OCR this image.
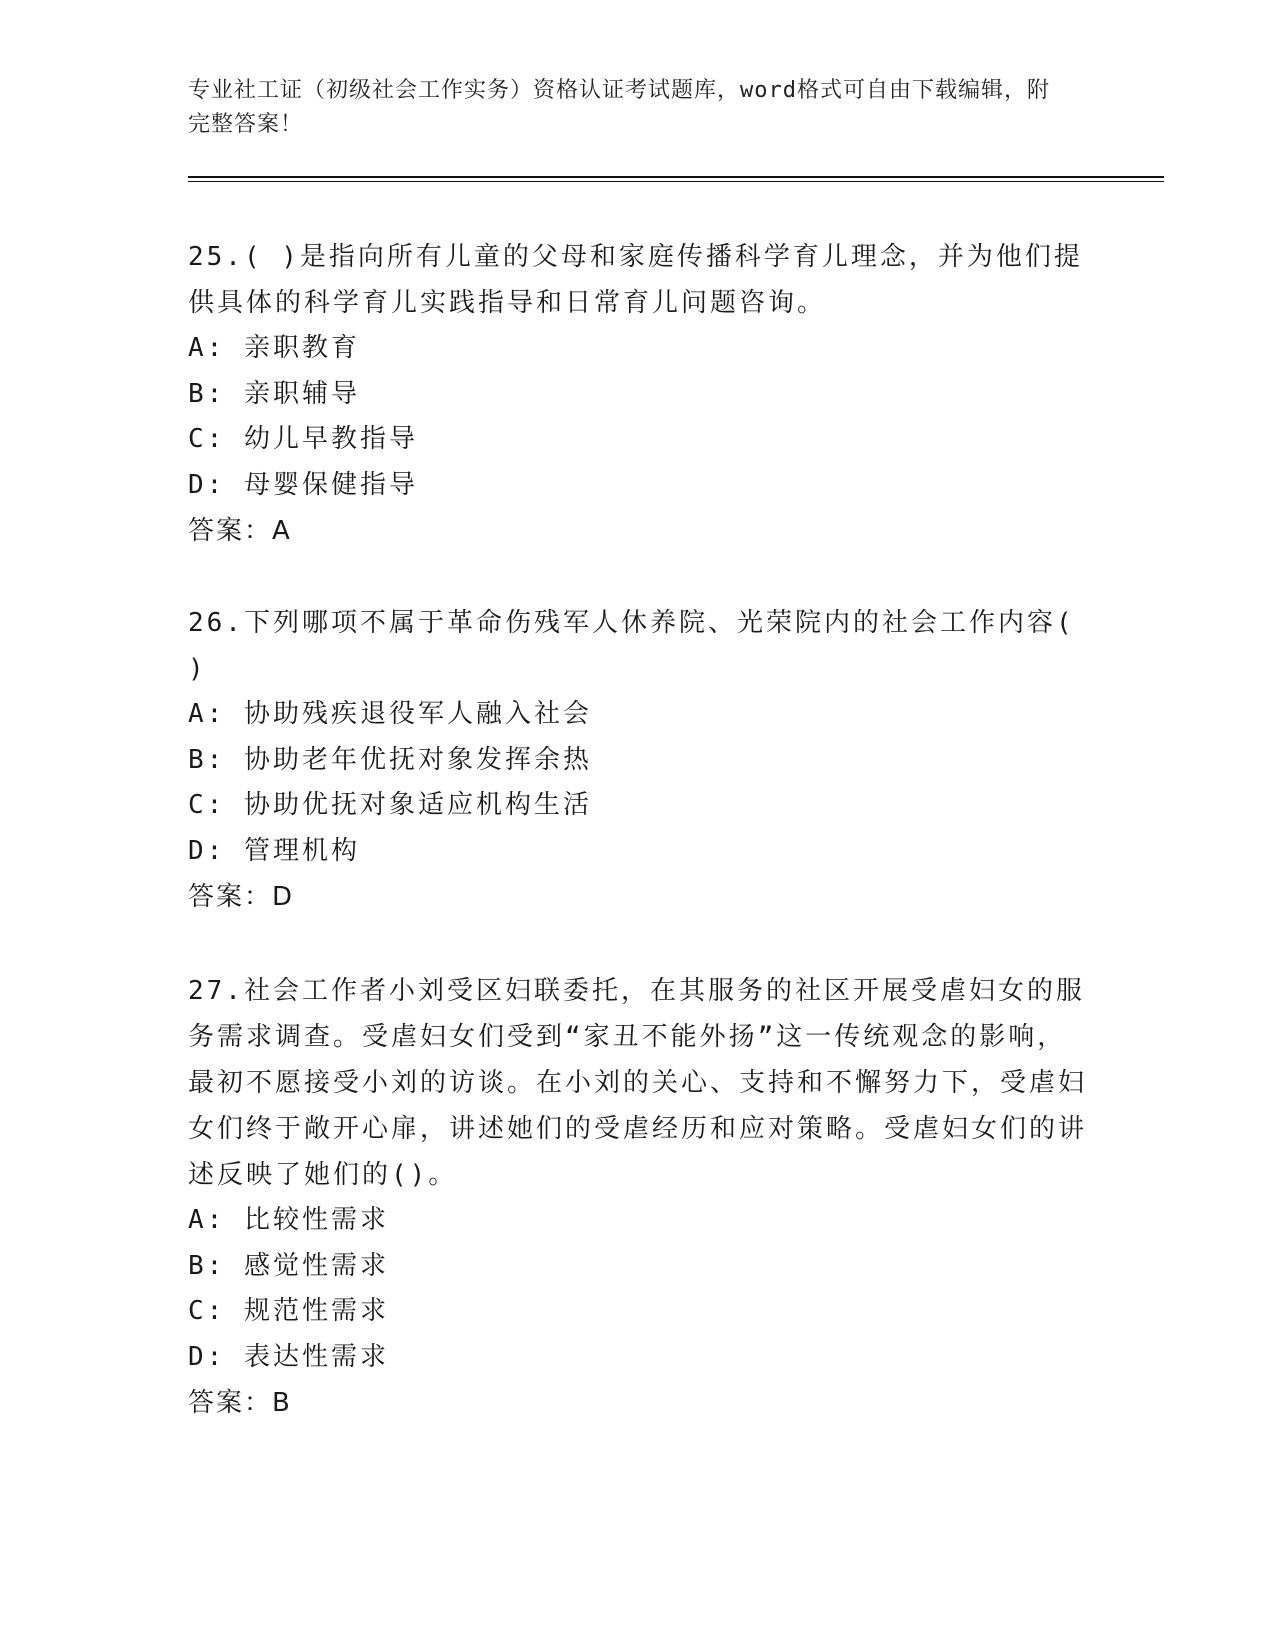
专业社工证（初级社会工作实务）资格认证考试题库，word格式可自由下载编辑，附完整答案！

25.( )是指向所有儿童的父母和家庭传播科学育儿理念，并为他们提供具体的科学育儿实践指导和日常育儿问题咨询。

A: 亲职教育

B: 亲职辅导

C: 幼儿早教指导

D: 母婴保健指导

答案：A

26.下列哪项不属于革命伤残军人休养院、光荣院内的社会工作内容( )

A: 协助残疾退役军人融入社会

B: 协助老年优抚对象发挥余热

C: 协助优抚对象适应机构生活

D: 管理机构

答案：D

27.社会工作者小刘受区妇联委托，在其服务的社区开展受虐妇女的服务需求调查。受虐妇女们受到“家丑不能外扬”这一传统观念的影响，最初不愿接受小刘的访谈。在小刘的关心、支持和不懈努力下，受虐妇女们终于敞开心扉，讲述她们的受虐经历和应对策略。受虐妇女们的讲述反映了她们的()。

A: 比较性需求

B: 感觉性需求

C: 规范性需求

D: 表达性需求

答案：B
